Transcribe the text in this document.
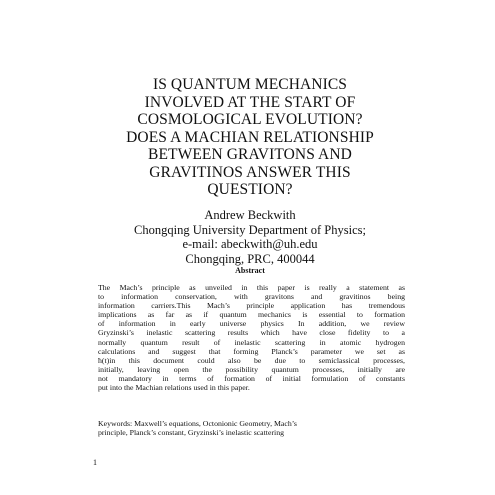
IS QUANTUM MECHANICS
INVOLVED AT THE START OF
COSMOLOGICAL EVOLUTION?
DOES A MACHIAN RELATIONSHIP
BETWEEN GRAVITONS AND
GRAVITINOS ANSWER THIS
QUESTION?
Andrew Beckwith
Chongqing University Department of Physics;
e-mail: abeckwith@uh.edu
Chongqing, PRC, 400044
Abstract
The Mach’s principle as unveiled in this paper is really a statement as
to information conservation, with gravitons and gravitinos being
information carriers.This Mach’s principle application has tremendous
implications as far as if quantum mechanics is essential to formation
of information in early universe physics In addition, we review
Gryzinski’s inelastic scattering results which have close fidelity to a
normally quantum result of inelastic scattering in atomic hydrogen
calculations and suggest that forming Planck’s parameter we set as
ħ(t)in this document could also be due to semiclassical processes,
initially, leaving open the possibility quantum processes, initially are
not mandatory in terms of formation of initial formulation of constants
put into the Machian relations used in this paper.
Keywords: Maxwell’s equations, Octonionic Geometry, Mach’s
principle, Planck’s constant, Gryzinski’s inelastic scattering
1
